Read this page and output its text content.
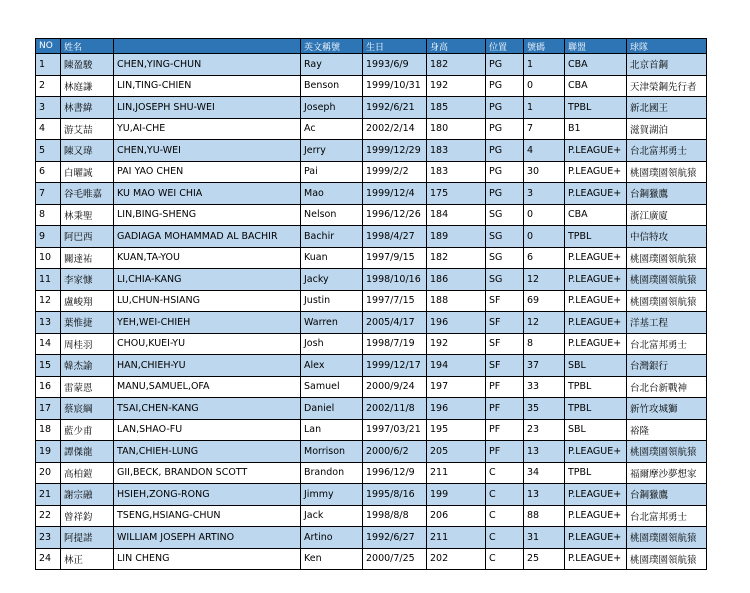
NO	姓名		英文稱號	生日	身高	位置	號碼	聯盟	球隊
1	陳盈駿	CHEN,YING-CHUN	Ray	1993/6/9	182	PG	1	CBA	北京首鋼
2	林庭謙	LIN,TING-CHIEN	Benson	1999/10/31	192	PG	0	CBA	天津榮鋼先行者
3	林書緯	LIN,JOSEPH SHU-WEI	Joseph	1992/6/21	185	PG	1	TPBL	新北國王
4	游艾喆	YU,AI-CHE	Ac	2002/2/14	180	PG	7	B1	滋賀湖泊
5	陳又瑋	CHEN,YU-WEI	Jerry	1999/12/29	183	PG	4	P.LEAGUE+	台北富邦勇士
6	白曜誠	PAI YAO CHEN	Pai	1999/2/2	183	PG	30	P.LEAGUE+	桃園璞園領航猿
7	谷毛唯嘉	KU MAO WEI CHIA	Mao	1999/12/4	175	PG	3	P.LEAGUE+	台鋼獵鷹
8	林秉聖	LIN,BING-SHENG	Nelson	1996/12/26	184	SG	0	CBA	浙江廣廈
9	阿巴西	GADIAGA MOHAMMAD AL BACHIR	Bachir	1998/4/27	189	SG	0	TPBL	中信特攻
10	關達祐	KUAN,TA-YOU	Kuan	1997/9/15	182	SG	6	P.LEAGUE+	桃園璞園領航猿
11	李家慷	LI,CHIA-KANG	Jacky	1998/10/16	186	SG	12	P.LEAGUE+	桃園璞園領航猿
12	盧峻翔	LU,CHUN-HSIANG	Justin	1997/7/15	188	SF	69	P.LEAGUE+	桃園璞園領航猿
13	葉惟捷	YEH,WEI-CHIEH	Warren	2005/4/17	196	SF	12	P.LEAGUE+	洋基工程
14	周桂羽	CHOU,KUEI-YU	Josh	1998/7/19	192	SF	8	P.LEAGUE+	台北富邦勇士
15	韓杰諭	HAN,CHIEH-YU	Alex	1999/12/17	194	SF	37	SBL	台灣銀行
16	雷蒙恩	MANU,SAMUEL,OFA	Samuel	2000/9/24	197	PF	33	TPBL	台北台新戰神
17	蔡宸綱	TSAI,CHEN-KANG	Daniel	2002/11/8	196	PF	35	TPBL	新竹攻城獅
18	藍少甫	LAN,SHAO-FU	Lan	1997/03/21	195	PF	23	SBL	裕隆
19	譚傑龍	TAN,CHIEH-LUNG	Morrison	2000/6/2	205	PF	13	P.LEAGUE+	桃園璞園領航猿
20	高柏鎧	GII,BECK, BRANDON SCOTT	Brandon	1996/12/9	211	C	34	TPBL	福爾摩沙夢想家
21	謝宗融	HSIEH,ZONG-RONG	Jimmy	1995/8/16	199	C	13	P.LEAGUE+	台鋼獵鷹
22	曾祥鈞	TSENG,HSIANG-CHUN	Jack	1998/8/8	206	C	88	P.LEAGUE+	台北富邦勇士
23	阿提諾	WILLIAM JOSEPH ARTINO	Artino	1992/6/27	211	C	31	P.LEAGUE+	桃園璞園領航猿
24	林正	LIN CHENG	Ken	2000/7/25	202	C	25	P.LEAGUE+	桃園璞園領航猿
